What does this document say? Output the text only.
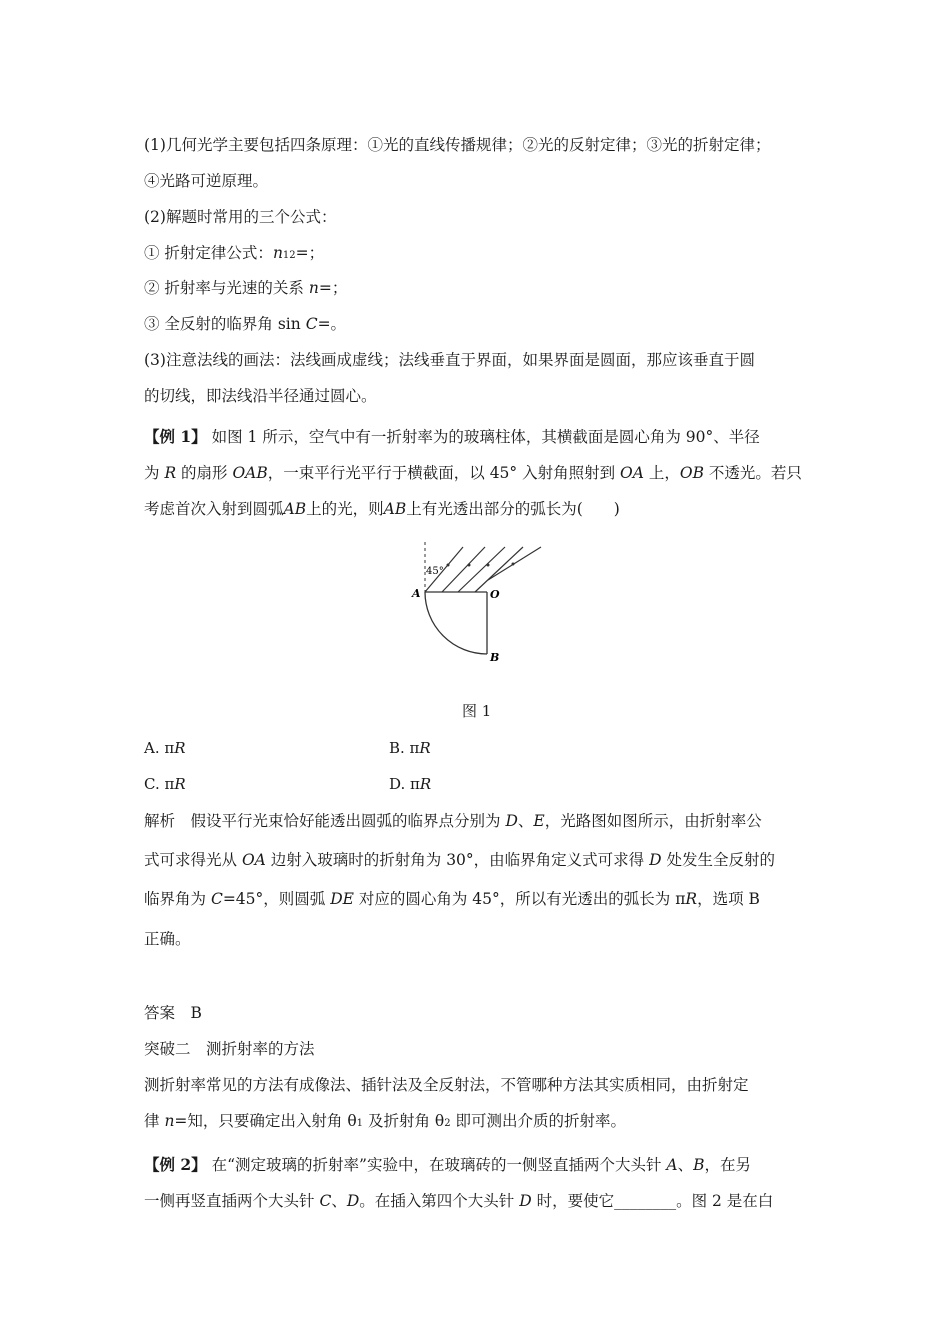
(1)几何光学主要包括四条原理：①光的直线传播规律；②光的反射定律；③光的折射定律；
④光路可逆原理。
(2)解题时常用的三个公式：
① 折射定律公式：n12=；
② 折射率与光速的关系 n=；
③ 全反射的临界角 sin C=。
(3)注意法线的画法：法线画成虚线；法线垂直于界面，如果界面是圆面，那应该垂直于圆
的切线，即法线沿半径通过圆心。
【例 1】 如图 1 所示，空气中有一折射率为的玻璃柱体，其横截面是圆心角为 90°、半径
为 R 的扇形 OAB，一束平行光平行于横截面，以 45° 入射角照射到 OA 上，OB 不透光。若只
考虑首次入射到圆弧AB上的光，则AB上有光透出部分的弧长为(　　)
45°
A	O
B
图 1
A. πR	B. πR
C. πR	D. πR
解析　假设平行光束恰好能透出圆弧的临界点分别为 D、E，光路图如图所示，由折射率公
式可求得光从 OA 边射入玻璃时的折射角为 30°，由临界角定义式可求得 D 处发生全反射的
临界角为 C=45°，则圆弧 DE 对应的圆心角为 45°，所以有光透出的弧长为 πR，选项 B
正确。
答案　B
突破二　测折射率的方法
测折射率常见的方法有成像法、插针法及全反射法，不管哪种方法其实质相同，由折射定
律 n=知，只要确定出入射角 θ1 及折射角 θ2 即可测出介质的折射率。
【例 2】 在“测定玻璃的折射率”实验中，在玻璃砖的一侧竖直插两个大头针 A、B，在另
一侧再竖直插两个大头针 C、D。在插入第四个大头针 D 时，要使它________。图 2 是在白
